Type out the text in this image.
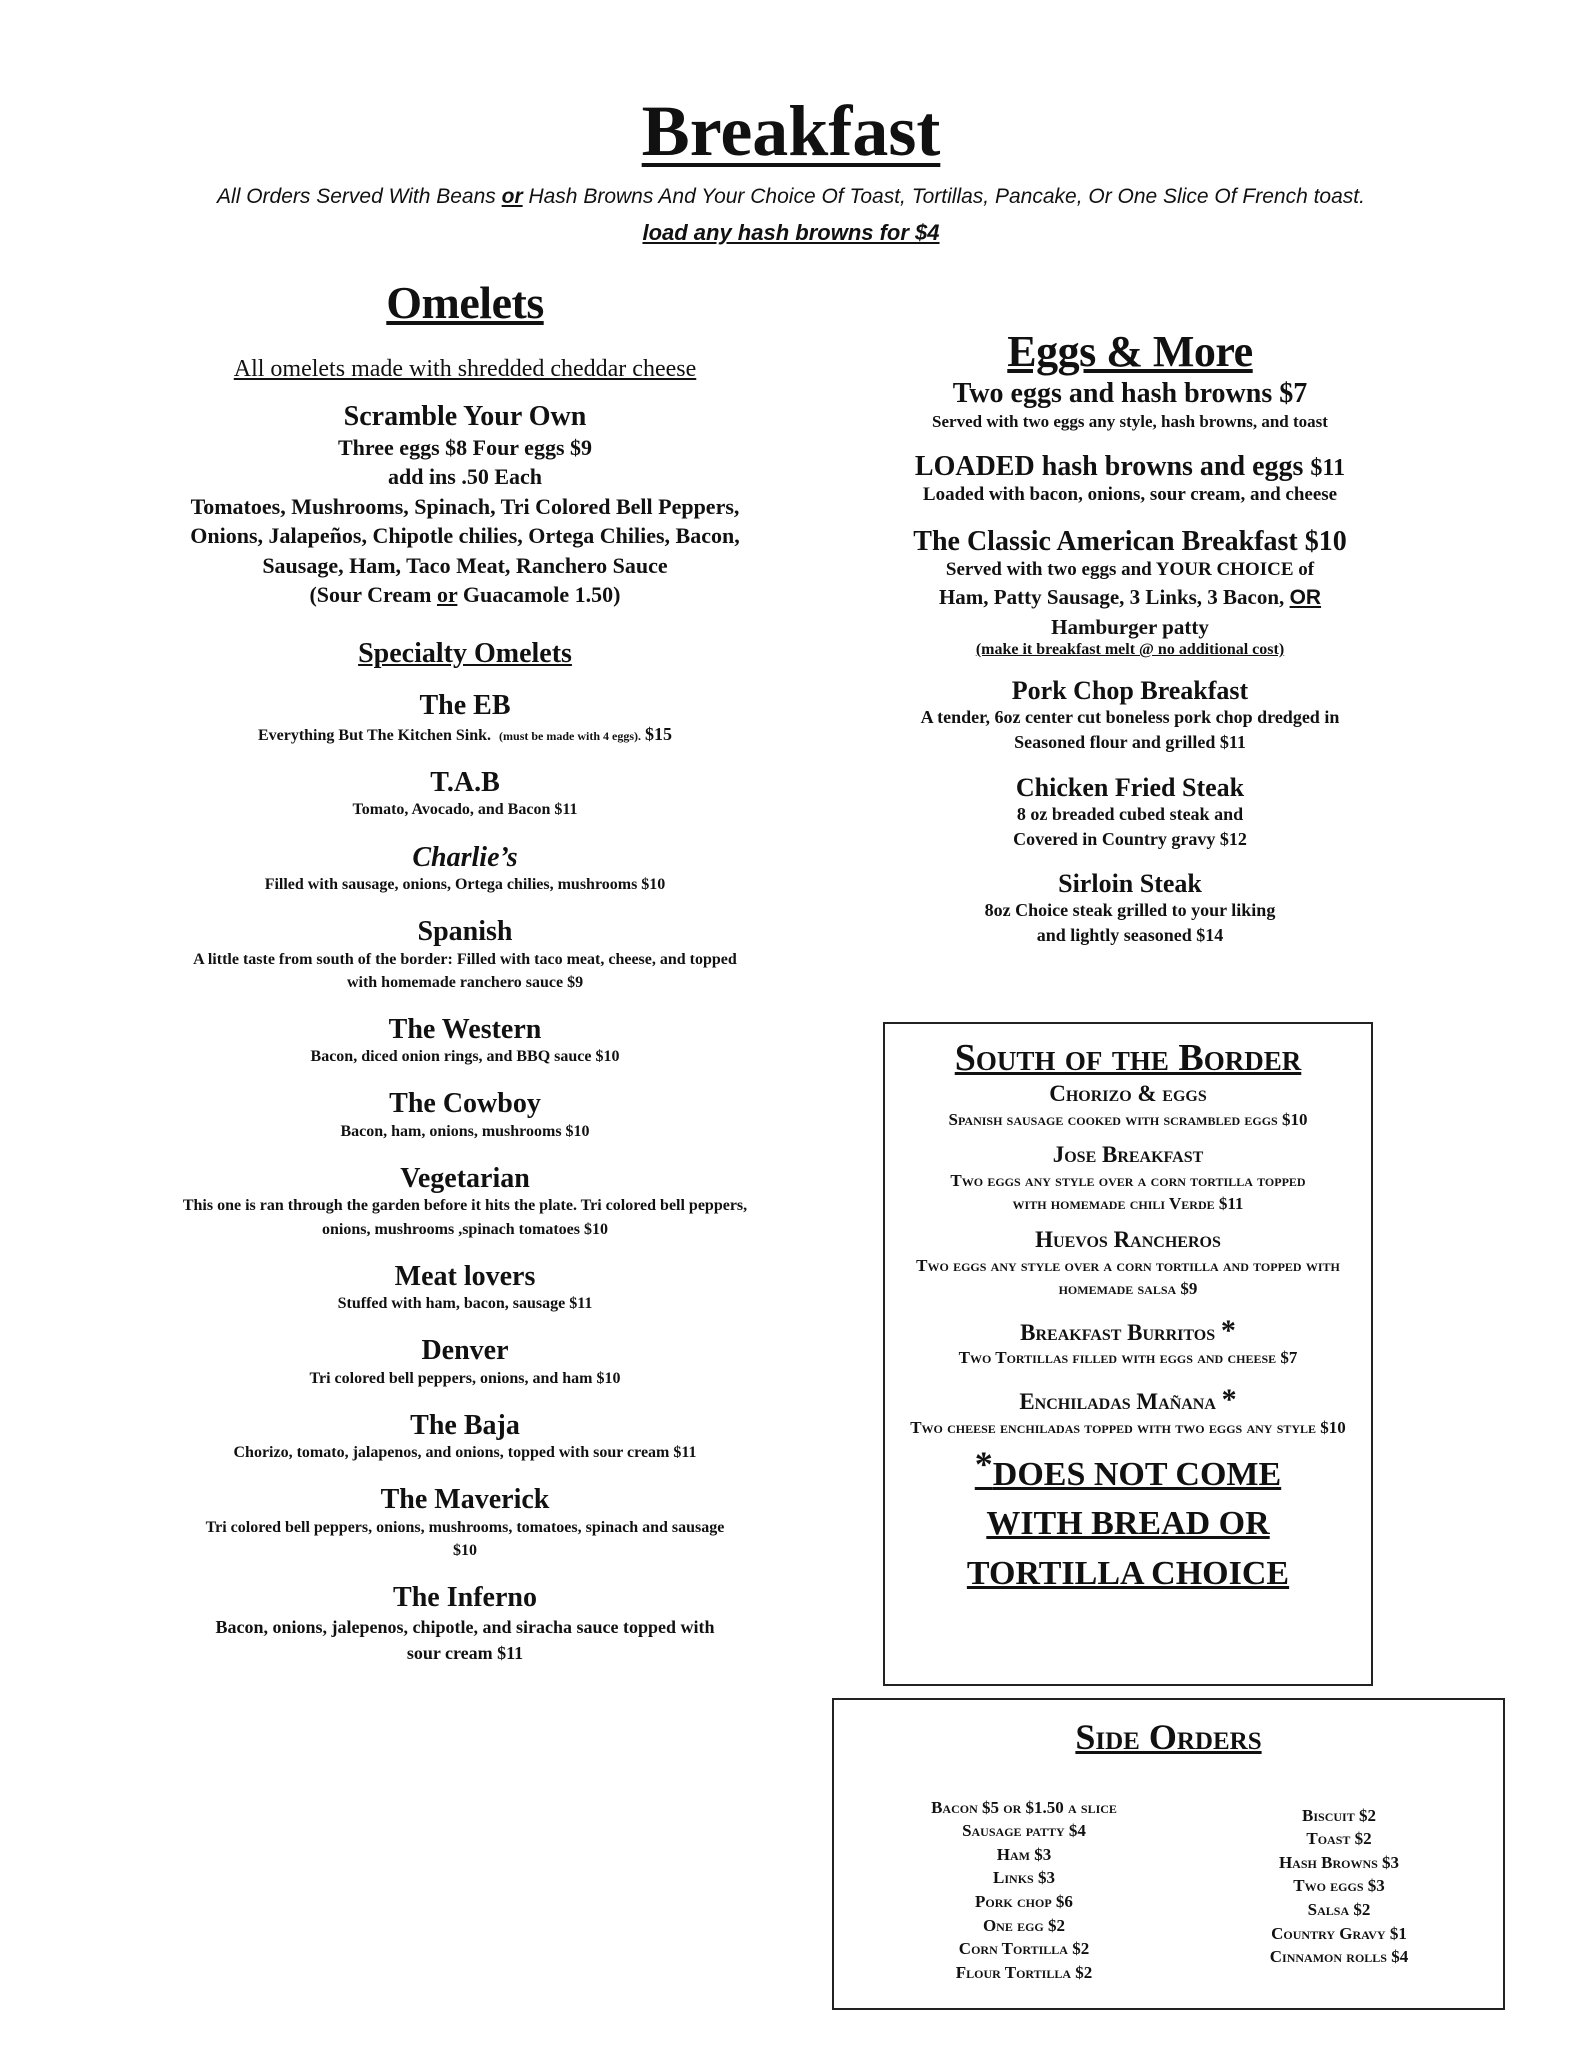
Breakfast
All Orders Served With Beans or Hash Browns And Your Choice Of Toast, Tortillas, Pancake, Or One Slice Of French toast.
load any hash browns for $4
Omelets
All omelets made with shredded cheddar cheese
Scramble Your Own
Three eggs $8 Four eggs $9
add ins .50 Each
Tomatoes, Mushrooms, Spinach, Tri Colored Bell Peppers, Onions, Jalapeños, Chipotle chilies, Ortega Chilies, Bacon, Sausage, Ham, Taco Meat, Ranchero Sauce
(Sour Cream or Guacamole 1.50)
Specialty Omelets
The EB
Everything But The Kitchen Sink. (must be made with 4 eggs). $15
T.A.B
Tomato, Avocado, and Bacon $11
Charlie’s
Filled with sausage, onions, Ortega chilies, mushrooms $10
Spanish
A little taste from south of the border: Filled with taco meat, cheese, and topped with homemade ranchero sauce $9
The Western
Bacon, diced onion rings, and BBQ sauce $10
The Cowboy
Bacon, ham, onions, mushrooms $10
Vegetarian
This one is ran through the garden before it hits the plate. Tri colored bell peppers, onions, mushrooms ,spinach tomatoes $10
Meat lovers
Stuffed with ham, bacon, sausage $11
Denver
Tri colored bell peppers, onions, and ham $10
The Baja
Chorizo, tomato, jalapenos, and onions, topped with sour cream $11
The Maverick
Tri colored bell peppers, onions, mushrooms, tomatoes, spinach and sausage $10
The Inferno
Bacon, onions, jalepenos, chipotle, and siracha sauce topped with sour cream $11
Eggs & More
Two eggs and hash browns $7
Served with two eggs any style, hash browns, and toast
LOADED hash browns and eggs $11
Loaded with bacon, onions, sour cream, and cheese
The Classic American Breakfast $10
Served with two eggs and YOUR CHOICE of
Ham, Patty Sausage, 3 Links, 3 Bacon, OR
Hamburger patty
(make it breakfast melt @ no additional cost)
Pork Chop Breakfast
A tender, 6oz center cut boneless pork chop dredged in Seasoned flour and grilled $11
Chicken Fried Steak
8 oz breaded cubed steak and Covered in Country gravy $12
Sirloin Steak
8oz Choice steak grilled to your liking and lightly seasoned $14
South of the Border
Chorizo & eggs
Spanish sausage cooked with scrambled eggs $10
Jose Breakfast
Two eggs any style over a corn tortilla topped with homemade chili Verde $11
Huevos Rancheros
Two eggs any style over a corn tortilla and topped with homemade salsa $9
Breakfast Burritos *
Two Tortillas filled with eggs and cheese $7
Enchiladas Mañana *
Two cheese enchiladas topped with two eggs any style $10
*DOES NOT COME WITH BREAD OR TORTILLA CHOICE
Side Orders
Bacon $5 or $1.50 a slice
Sausage patty $4
Ham $3
Links $3
Pork chop $6
One egg $2
Corn Tortilla $2
Flour Tortilla $2
Biscuit $2
Toast $2
Hash Browns $3
Two eggs $3
Salsa $2
Country Gravy $1
Cinnamon rolls $4
